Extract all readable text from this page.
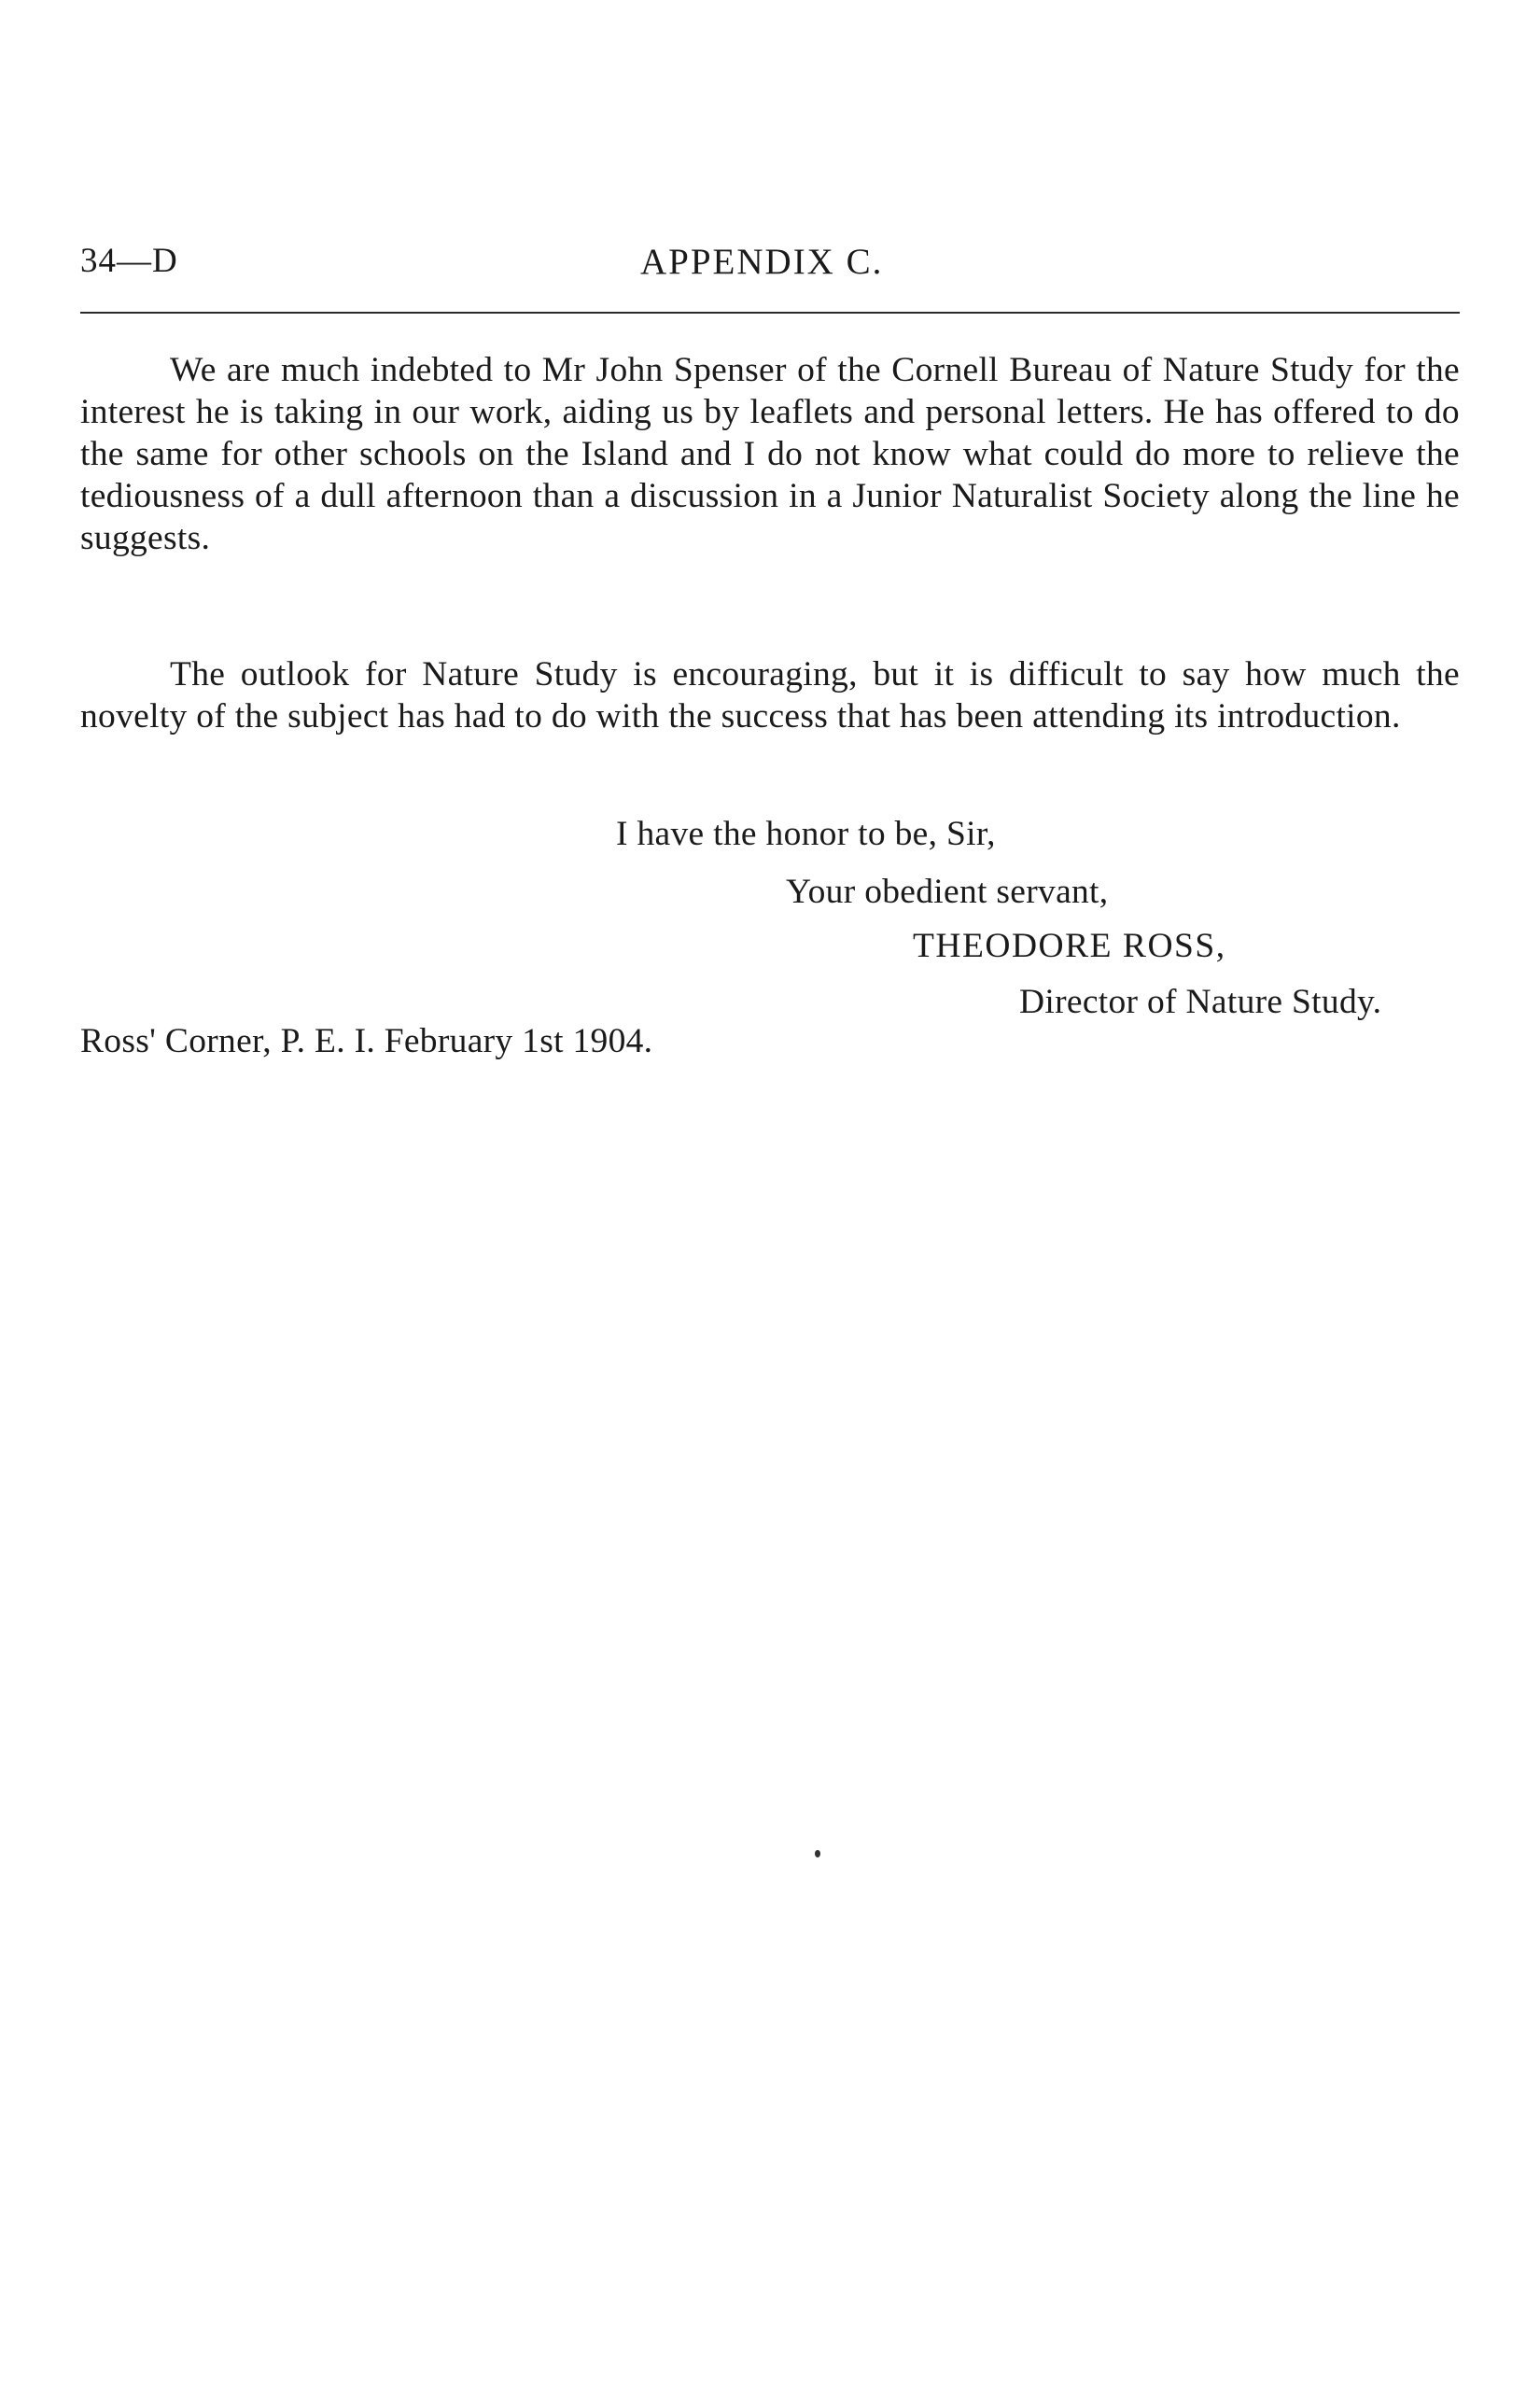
34—D	APPENDIX C.

We are much indebted to Mr John Spenser of the Cornell Bureau of Nature Study for the interest he is taking in our work, aiding us by leaflets and personal letters. He has offered to do the same for other schools on the Island and I do not know what could do more to relieve the tediousness of a dull afternoon than a discussion in a Junior Naturalist Society along the line he suggests.

The outlook for Nature Study is encouraging, but it is difficult to say how much the novelty of the subject has had to do with the success that has been attending its introduction.

I have the honor to be, Sir,
Your obedient servant,
THEODORE ROSS,
Director of Nature Study.
Ross' Corner, P. E. I. February 1st 1904.
